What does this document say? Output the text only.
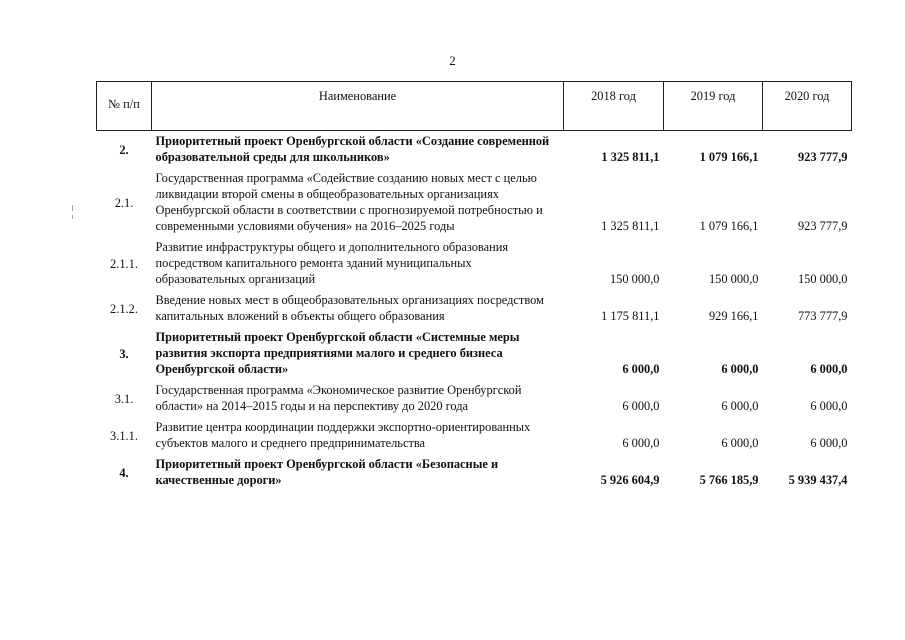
2
№ п/п	Наименование	2018 год	2019 год	2020 год

2.	Приоритетный проект Оренбургской области «Создание современной образовательной среды для школьников»	1 325 811,1	1 079 166,1	923 777,9
2.1.	Государственная программа «Содействие созданию новых мест с целью ликвидации второй смены в общеобразовательных организациях Оренбургской области в соответствии с прогнозируемой потребностью и современными условиями обучения» на 2016–2025 годы	1 325 811,1	1 079 166,1	923 777,9
2.1.1.	Развитие инфраструктуры общего и дополнительного образования посредством капитального ремонта зданий муниципальных образовательных организаций	150 000,0	150 000,0	150 000,0
2.1.2.	Введение новых мест в общеобразовательных организациях посредством капитальных вложений в объекты общего образования	1 175 811,1	929 166,1	773 777,9
3.	Приоритетный проект Оренбургской области «Системные меры развития экспорта предприятиями малого и среднего бизнеса Оренбургской области»	6 000,0	6 000,0	6 000,0
3.1.	Государственная программа «Экономическое развитие Оренбургской области» на 2014–2015 годы и на перспективу до 2020 года	6 000,0	6 000,0	6 000,0
3.1.1.	Развитие центра координации поддержки экспортно-ориентированных субъектов малого и среднего предпринимательства	6 000,0	6 000,0	6 000,0
4.	Приоритетный проект Оренбургской области «Безопасные и качественные дороги»	5 926 604,9	5 766 185,9	5 939 437,4
